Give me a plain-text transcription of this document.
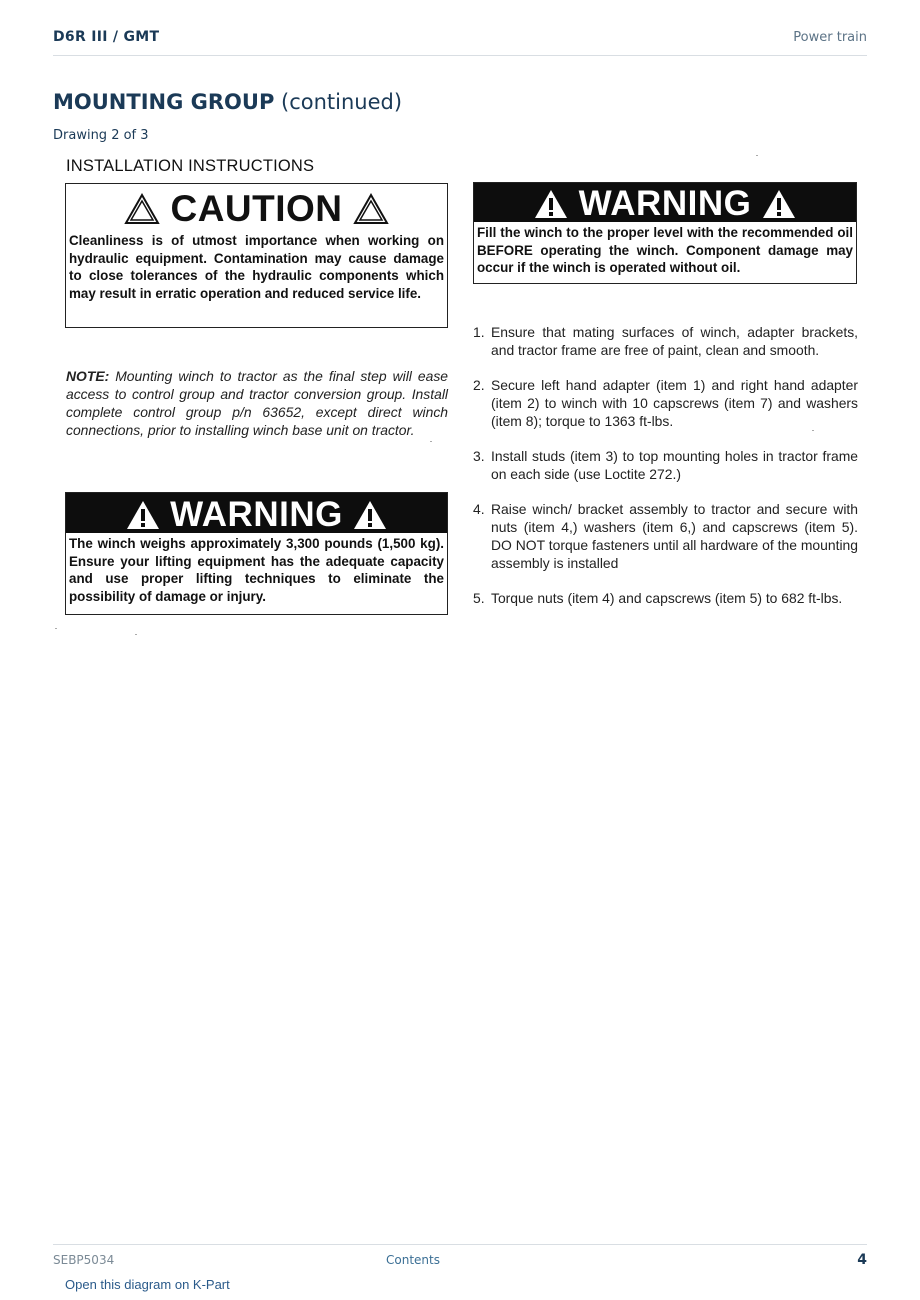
D6R III / GMT	Power train
MOUNTING GROUP (continued)
Drawing 2 of 3
INSTALLATION INSTRUCTIONS
CAUTION
Cleanliness is of utmost importance when working on hydraulic equipment. Contamination may cause damage to close tolerances of the hydraulic components which may result in erratic operation and reduced service life.
NOTE: Mounting winch to tractor as the final step will ease access to control group and tractor conversion group. Install complete control group p/n 63652, except direct winch connections, prior to installing winch base unit on tractor.
WARNING
The winch weighs approximately 3,300 pounds (1,500 kg). Ensure your lifting equipment has the adequate capacity and use proper lifting techniques to eliminate the possibility of damage or injury.
WARNING
Fill the winch to the proper level with the recommended oil BEFORE operating the winch. Component damage may occur if the winch is operated without oil.
1. Ensure that mating surfaces of winch, adapter brackets, and tractor frame are free of paint, clean and smooth.
2. Secure left hand adapter (item 1) and right hand adapter (item 2) to winch with 10 capscrews (item 7) and washers (item 8); torque to 1363 ft-lbs.
3. Install studs (item 3) to top mounting holes in tractor frame on each side (use Loctite 272.)
4. Raise winch/ bracket assembly to tractor and secure with nuts (item 4,) washers (item 6,) and capscrews (item 5). DO NOT torque fasteners until all hardware of the mounting assembly is installed
5. Torque nuts (item 4) and capscrews (item 5) to 682 ft-lbs.
SEBP5034	Contents	4
Open this diagram on K-Part
